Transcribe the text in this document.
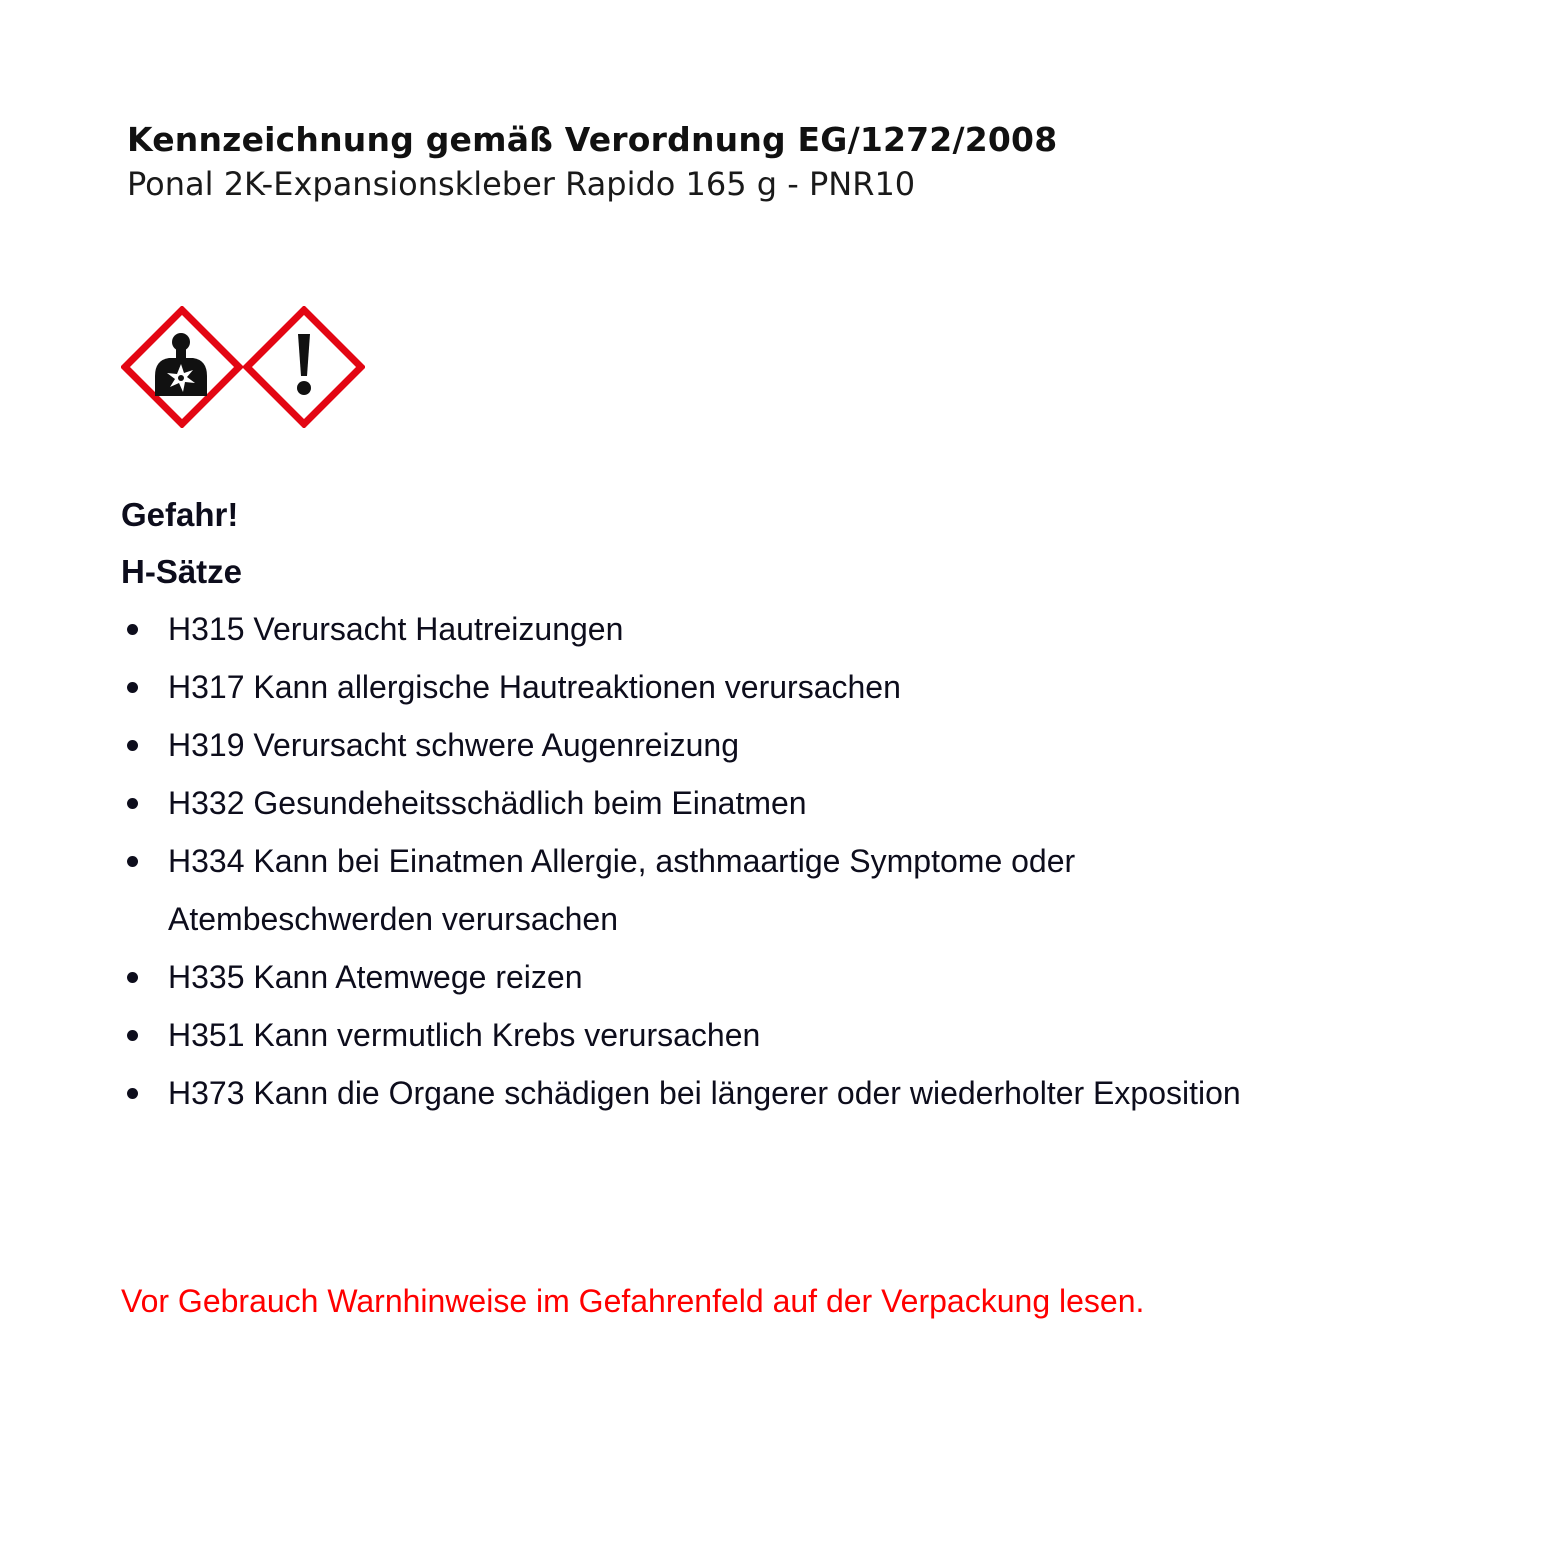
Kennzeichnung gemäß Verordnung EG/1272/2008
Ponal 2K-Expansionskleber Rapido 165 g - PNR10
Gefahr!
H-Sätze
H315 Verursacht Hautreizungen
H317 Kann allergische Hautreaktionen verursachen
H319 Verursacht schwere Augenreizung
H332 Gesundeheitsschädlich beim Einatmen
H334 Kann bei Einatmen Allergie, asthmaartige Symptome oder Atembeschwerden verursachen
H335 Kann Atemwege reizen
H351 Kann vermutlich Krebs verursachen
H373 Kann die Organe schädigen bei längerer oder wiederholter Exposition
Vor Gebrauch Warnhinweise im Gefahrenfeld auf der Verpackung lesen.
